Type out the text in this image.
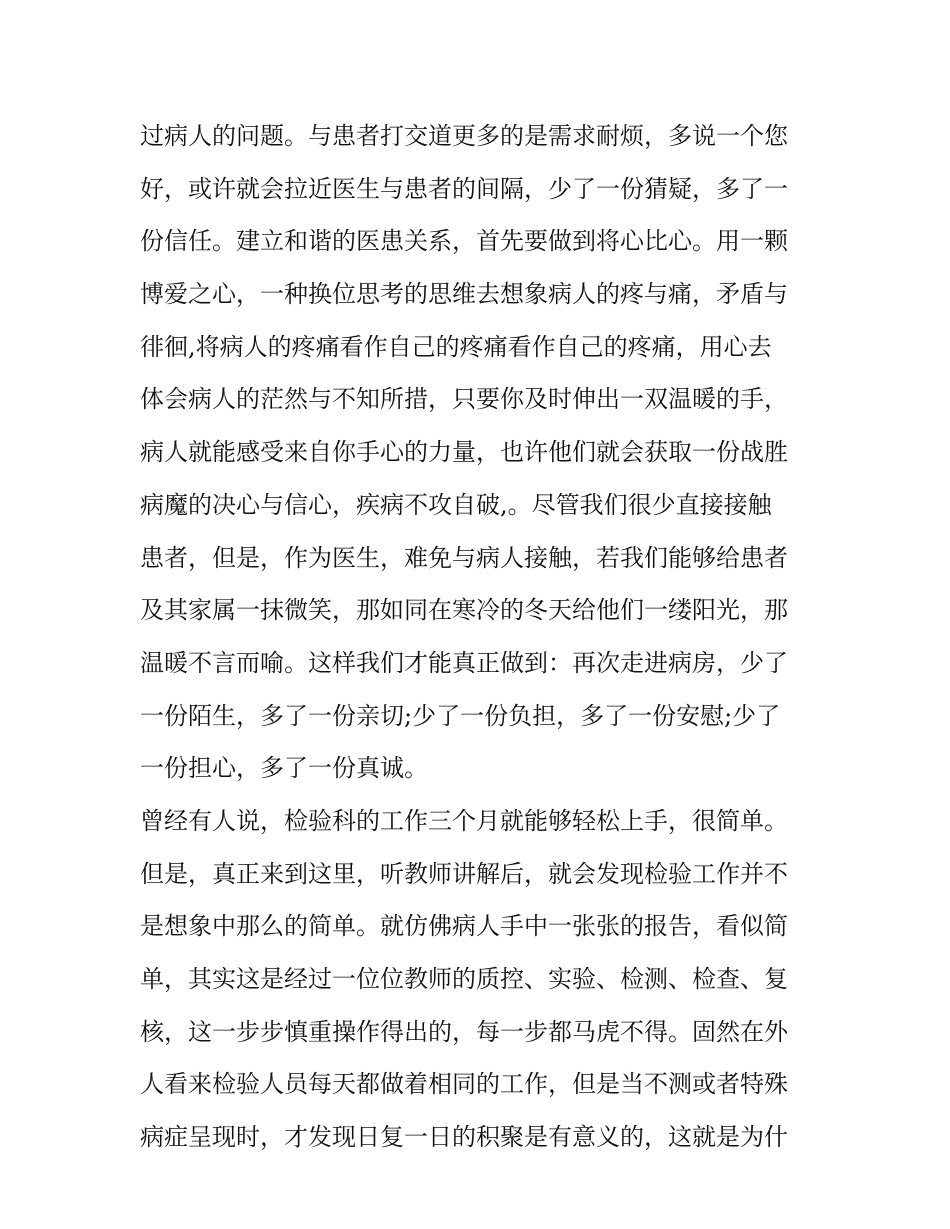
过病人的问题。与患者打交道更多的是需求耐烦，多说一个您
好，或许就会拉近医生与患者的间隔，少了一份猜疑，多了一
份信任。建立和谐的医患关系，首先要做到将心比心。用一颗
博爱之心，一种换位思考的思维去想象病人的疼与痛，矛盾与
徘徊,将病人的疼痛看作自己的疼痛看作自己的疼痛，用心去
体会病人的茫然与不知所措，只要你及时伸出一双温暖的手，
病人就能感受来自你手心的力量，也许他们就会获取一份战胜
病魔的决心与信心，疾病不攻自破,。尽管我们很少直接接触
患者，但是，作为医生，难免与病人接触，若我们能够给患者
及其家属一抹微笑，那如同在寒冷的冬天给他们一缕阳光，那
温暖不言而喻。这样我们才能真正做到：再次走进病房，少了
一份陌生，多了一份亲切;少了一份负担，多了一份安慰;少了
一份担心，多了一份真诚。
曾经有人说，检验科的工作三个月就能够轻松上手，很简单。
但是，真正来到这里，听教师讲解后，就会发现检验工作并不
是想象中那么的简单。就仿佛病人手中一张张的报告，看似简
单，其实这是经过一位位教师的质控、实验、检测、检查、复
核，这一步步慎重操作得出的，每一步都马虎不得。固然在外
人看来检验人员每天都做着相同的工作，但是当不测或者特殊
病症呈现时，才发现日复一日的积聚是有意义的，这就是为什
